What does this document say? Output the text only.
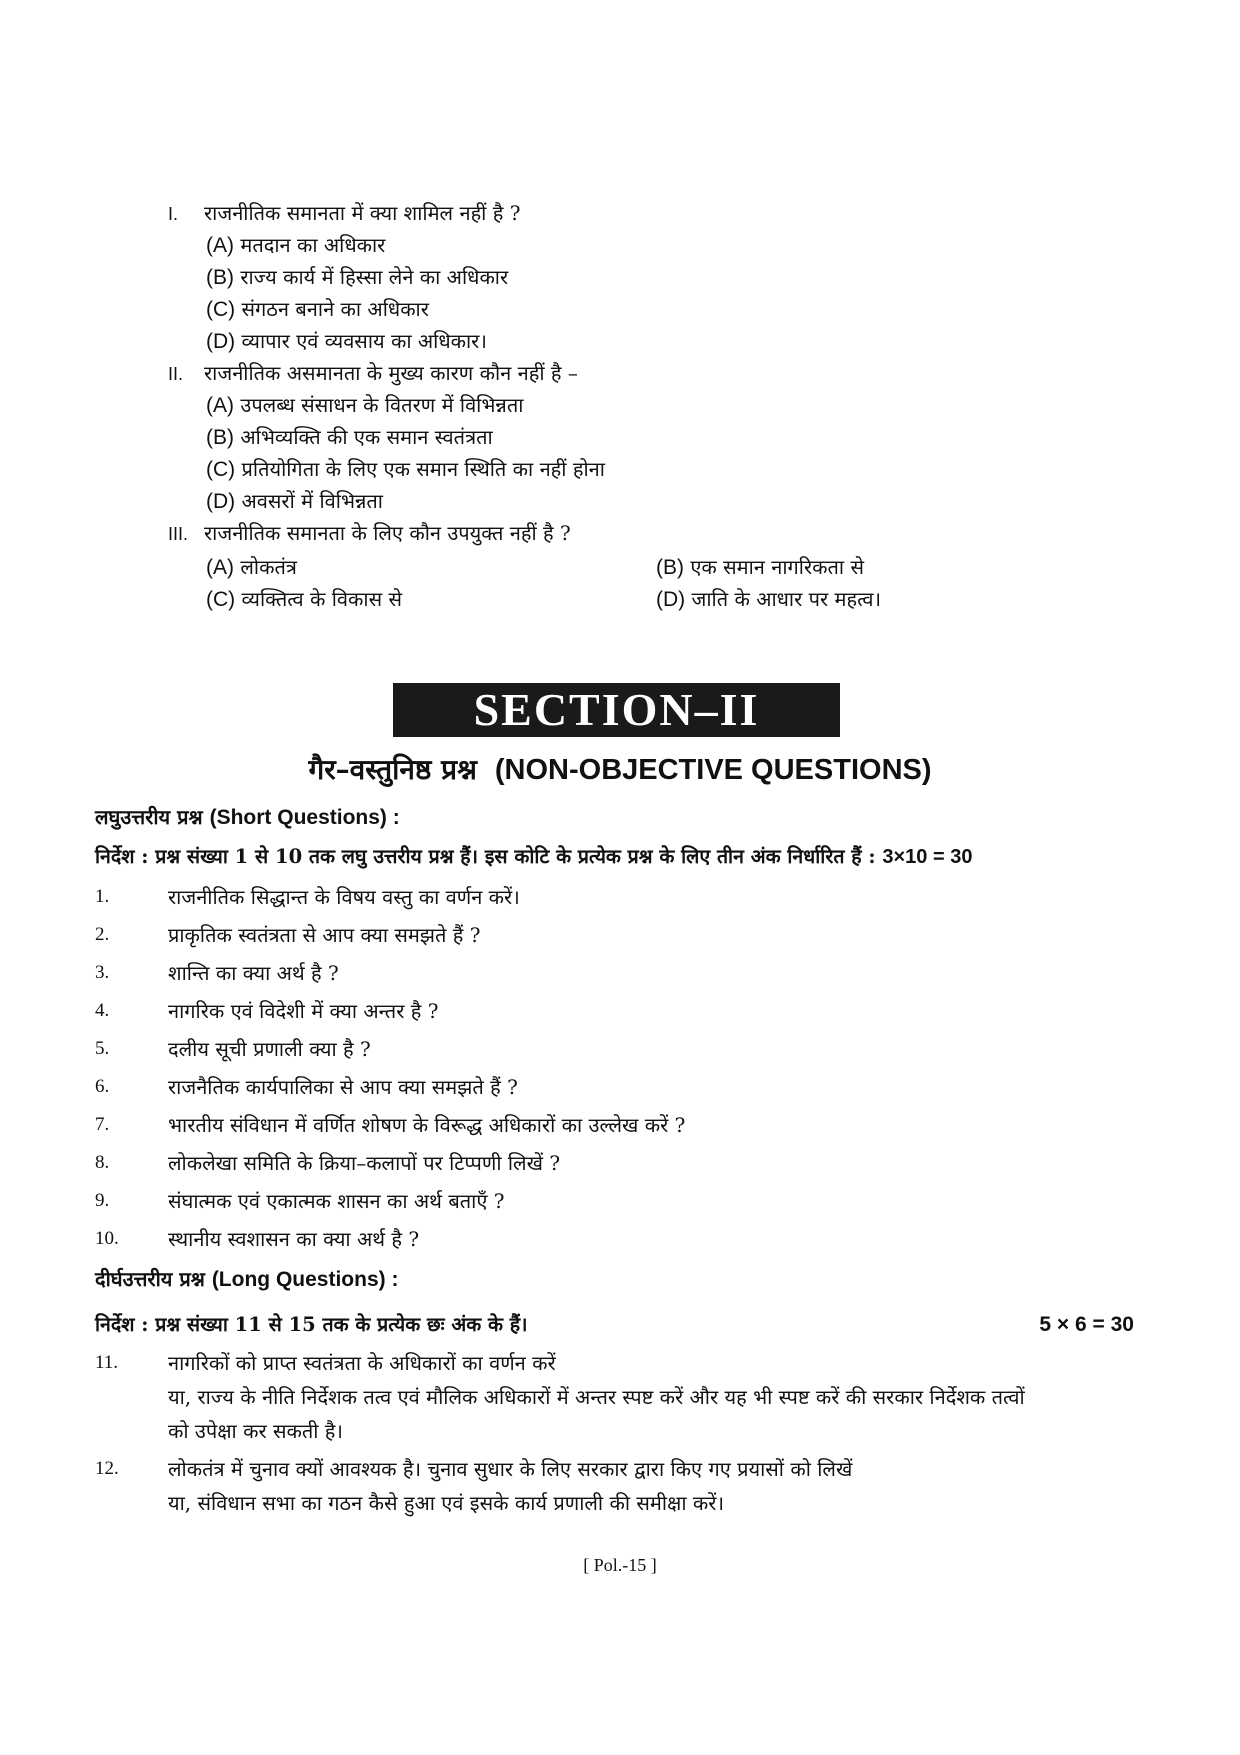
I. राजनीतिक समानता में क्या शामिल नहीं है ?
(A) मतदान का अधिकार
(B) राज्य कार्य में हिस्सा लेने का अधिकार
(C) संगठन बनाने का अधिकार
(D) व्यापार एवं व्यवसाय का अधिकार।
II. राजनीतिक असमानता के मुख्य कारण कौन नहीं है –
(A) उपलब्ध संसाधन के वितरण में विभिन्नता
(B) अभिव्यक्ति की एक समान स्वतंत्रता
(C) प्रतियोगिता के लिए एक समान स्थिति का नहीं होना
(D) अवसरों में विभिन्नता
III. राजनीतिक समानता के लिए कौन उपयुक्त नहीं है ?
(A) लोकतंत्र	(B) एक समान नागरिकता से
(C) व्यक्तित्व के विकास से	(D) जाति के आधार पर महत्व।
SECTION–II
गैर–वस्तुनिष्ठ प्रश्न (NON-OBJECTIVE QUESTIONS)
लघुउत्तरीय प्रश्न (Short Questions) :
निर्देश : प्रश्न संख्या 1 से 10 तक लघु उत्तरीय प्रश्न हैं। इस कोटि के प्रत्येक प्रश्न के लिए तीन अंक निर्धारित हैं : 3×10 = 30
1.	राजनीतिक सिद्धान्त के विषय वस्तु का वर्णन करें।
2.	प्राकृतिक स्वतंत्रता से आप क्या समझते हैं ?
3.	शान्ति का क्या अर्थ है ?
4.	नागरिक एवं विदेशी में क्या अन्तर है ?
5.	दलीय सूची प्रणाली क्या है ?
6.	राजनैतिक कार्यपालिका से आप क्या समझते हैं ?
7.	भारतीय संविधान में वर्णित शोषण के विरूद्ध अधिकारों का उल्लेख करें ?
8.	लोकलेखा समिति के क्रिया–कलापों पर टिप्पणी लिखें ?
9.	संघात्मक एवं एकात्मक शासन का अर्थ बताएँ ?
10. स्थानीय स्वशासन का क्या अर्थ है ?
दीर्घउत्तरीय प्रश्न (Long Questions) :
निर्देश : प्रश्न संख्या 11 से 15 तक के प्रत्येक छः अंक के हैं।	5 × 6 = 30
11. नागरिकों को प्राप्त स्वतंत्रता के अधिकारों का वर्णन करें
या, राज्य के नीति निर्देशक तत्व एवं मौलिक अधिकारों में अन्तर स्पष्ट करें और यह भी स्पष्ट करें की सरकार निर्देशक तत्वों
को उपेक्षा कर सकती है।
12. लोकतंत्र में चुनाव क्यों आवश्यक है। चुनाव सुधार के लिए सरकार द्वारा किए गए प्रयासों को लिखें
या, संविधान सभा का गठन कैसे हुआ एवं इसके कार्य प्रणाली की समीक्षा करें।
[ Pol.-15 ]
